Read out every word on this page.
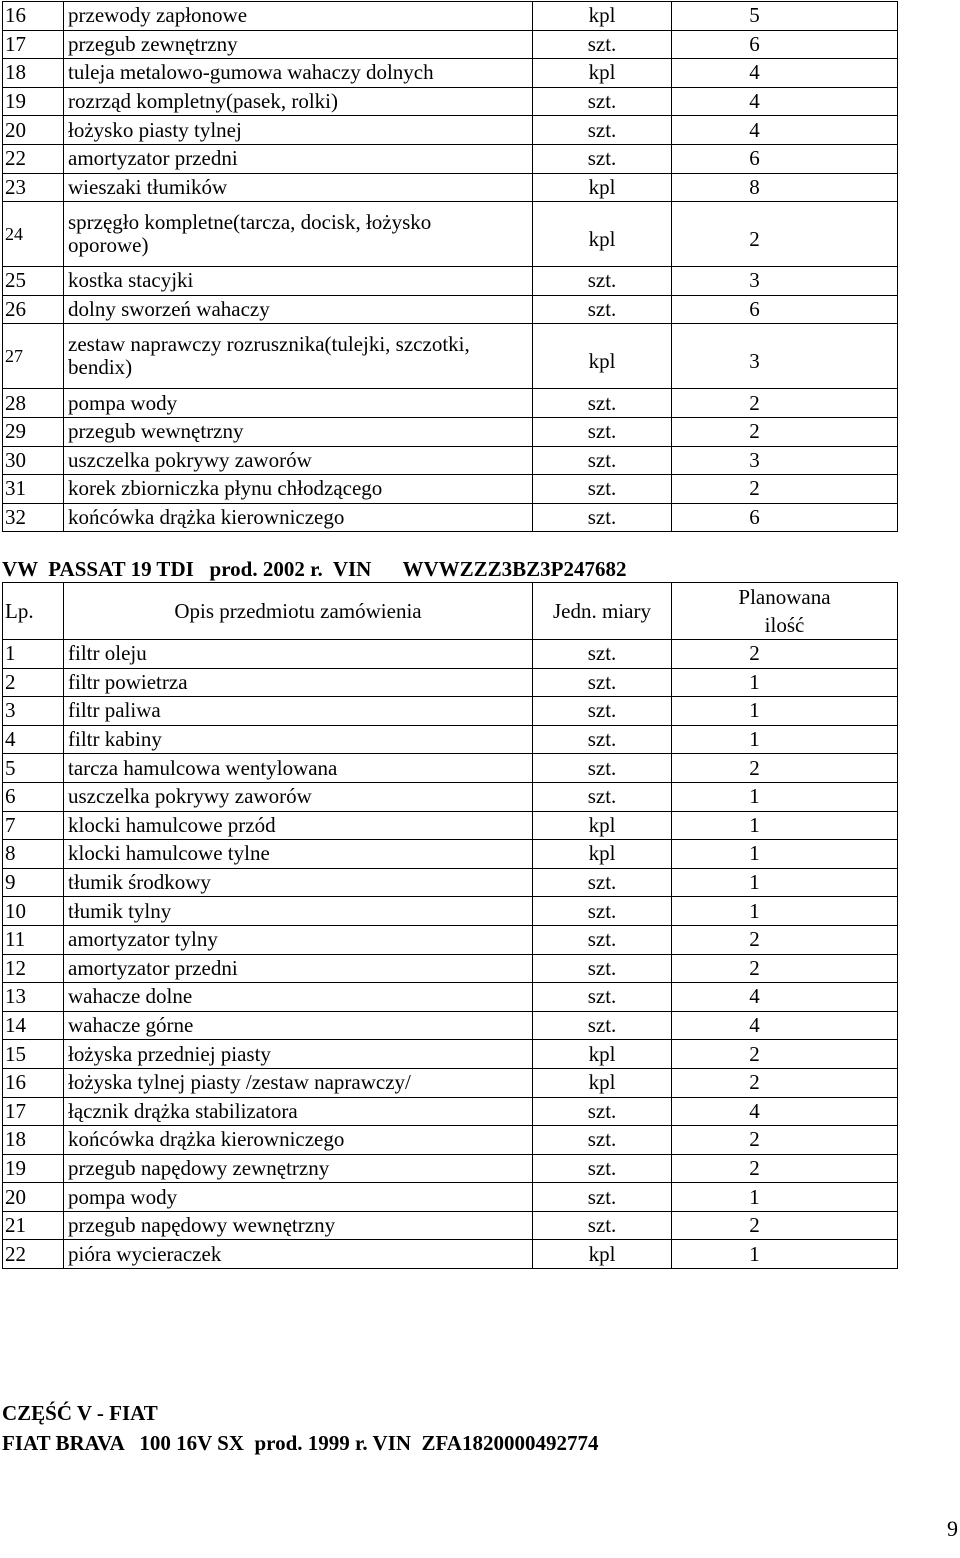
16	przewody zapłonowe	kpl	5
17	przegub zewnętrzny	szt.	6
18	tuleja metalowo-gumowa wahaczy dolnych	kpl	4
19	rozrząd kompletny(pasek, rolki)	szt.	4
20	łożysko piasty tylnej	szt.	4
22	amortyzator przedni	szt.	6
23	wieszaki tłumików	kpl	8
24	sprzęgło kompletne(tarcza, docisk, łożysko oporowe)	kpl	2
25	kostka stacyjki	szt.	3
26	dolny sworzeń wahaczy	szt.	6
27	zestaw naprawczy rozrusznika(tulejki, szczotki, bendix)	kpl	3
28	pompa wody	szt.	2
29	przegub wewnętrzny	szt.	2
30	uszczelka pokrywy zaworów	szt.	3
31	korek zbiorniczka płynu chłodzącego	szt.	2
32	końcówka drążka kierowniczego	szt.	6
VW  PASSAT 19 TDI   prod. 2002 r.  VIN      WVWZZZ3BZ3P247682
Lp.	Opis przedmiotu zamówienia	Jedn. miary	Planowana
ilość
1	filtr oleju	szt.	2
2	filtr powietrza	szt.	1
3	filtr paliwa	szt.	1
4	filtr kabiny	szt.	1
5	tarcza hamulcowa wentylowana	szt.	2
6	uszczelka pokrywy zaworów	szt.	1
7	klocki hamulcowe przód	kpl	1
8	klocki hamulcowe tylne	kpl	1
9	tłumik środkowy	szt.	1
10	tłumik tylny	szt.	1
11	amortyzator tylny	szt.	2
12	amortyzator przedni	szt.	2
13	wahacze dolne	szt.	4
14	wahacze górne	szt.	4
15	łożyska przedniej piasty	kpl	2
16	łożyska tylnej piasty /zestaw naprawczy/	kpl	2
17	łącznik drążka stabilizatora	szt.	4
18	końcówka drążka kierowniczego	szt.	2
19	przegub napędowy zewnętrzny	szt.	2
20	pompa wody	szt.	1
21	przegub napędowy wewnętrzny	szt.	2
22	pióra wycieraczek	kpl	1
CZĘŚĆ V - FIAT
FIAT BRAVA   100 16V SX  prod. 1999 r. VIN  ZFA1820000492774
9
